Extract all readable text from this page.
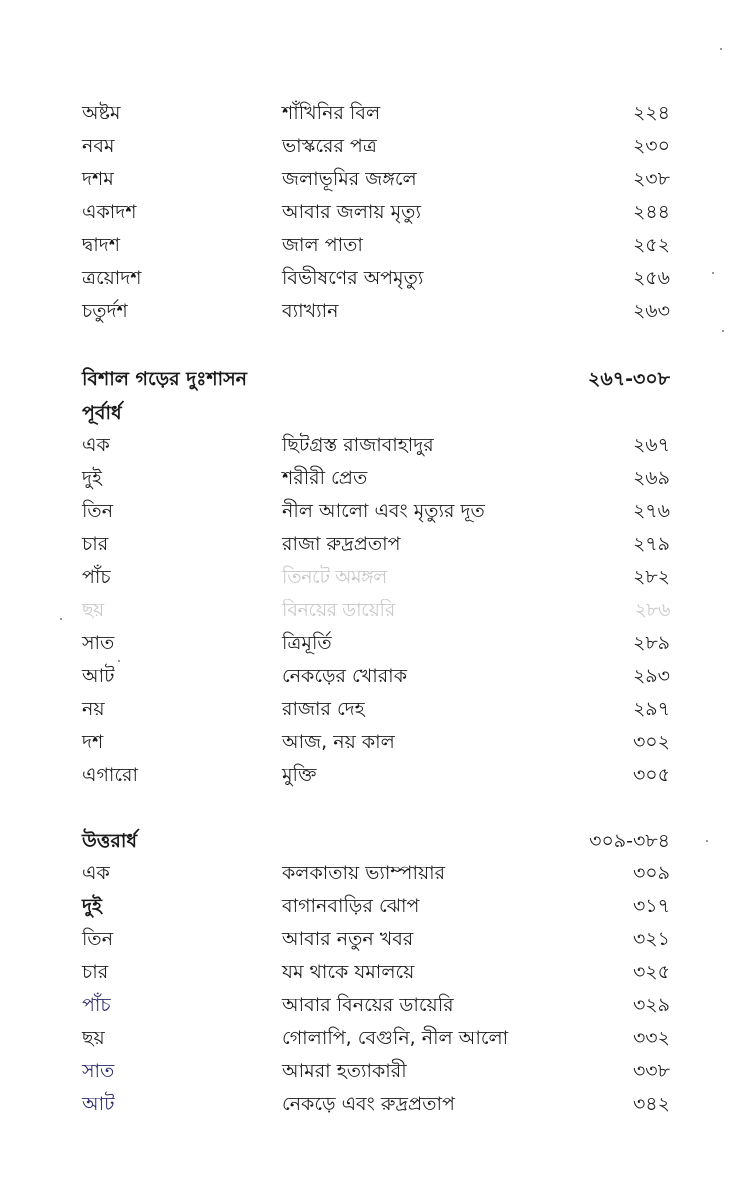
অষ্টম	শাঁখিনির বিল	২২৪
নবম	ভাস্করের পত্র	২৩০
দশম	জলাভূমির জঙ্গলে	২৩৮
একাদশ	আবার জলায় মৃত্যু	২৪৪
দ্বাদশ	জাল পাতা	২৫২
ত্রয়োদশ	বিভীষণের অপমৃত্যু	২৫৬
চতুর্দশ	ব্যাখ্যান	২৬৩
বিশাল গড়ের দুঃশাসন	২৬৭-৩০৮
পূর্বার্ধ
এক	ছিটগ্রস্ত রাজাবাহাদুর	২৬৭
দুই	শরীরী প্রেত	২৬৯
তিন	নীল আলো এবং মৃত্যুর দূত	২৭৬
চার	রাজা রুদ্রপ্রতাপ	২৭৯
পাঁচ	তিনটে অমঙ্গল	২৮২
ছয়	বিনয়ের ডায়েরি	২৮৬
সাত	ত্রিমূর্তি	২৮৯
আট	নেকড়ের খোরাক	২৯৩
নয়	রাজার দেহ	২৯৭
দশ	আজ, নয় কাল	৩০২
এগারো	মুক্তি	৩০৫
উত্তরার্ধ	৩০৯-৩৮৪
এক	কলকাতায় ভ্যাম্পায়ার	৩০৯
দুই	বাগানবাড়ির ঝোপ	৩১৭
তিন	আবার নতুন খবর	৩২১
চার	যম থাকে যমালয়ে	৩২৫
পাঁচ	আবার বিনয়ের ডায়েরি	৩২৯
ছয়	গোলাপি, বেগুনি, নীল আলো	৩৩২
সাত	আমরা হত্যাকারী	৩৩৮
আট	নেকড়ে এবং রুদ্রপ্রতাপ	৩৪২
